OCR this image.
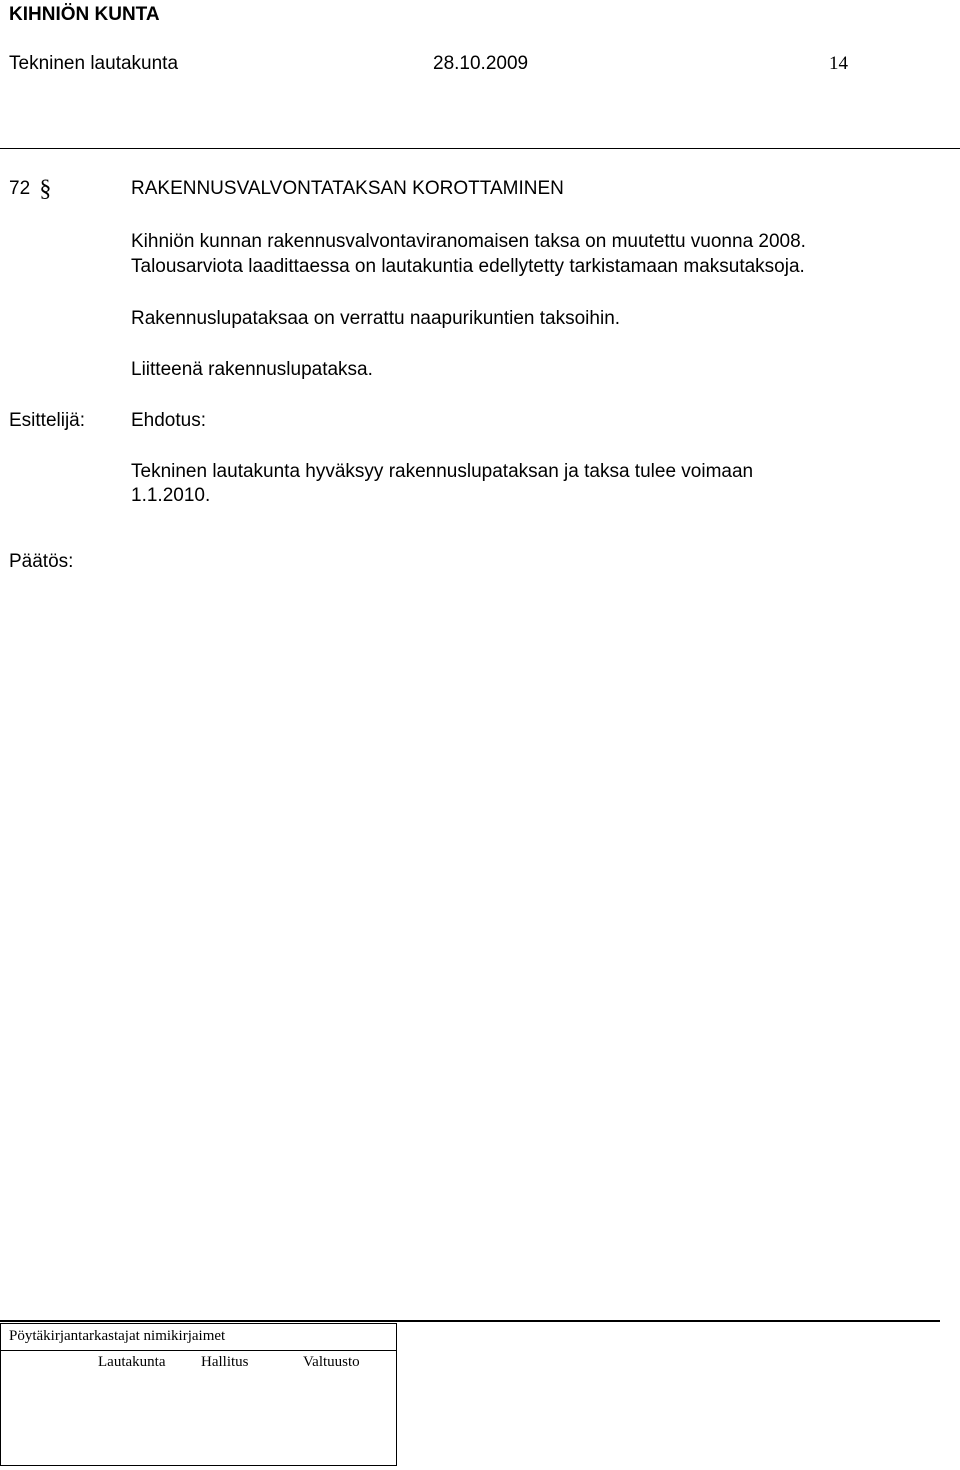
KIHNIÖN KUNTA
Tekninen lautakunta	28.10.2009	14
72 §	RAKENNUSVALVONTATAKSAN KOROTTAMINEN
Kihniön kunnan rakennusvalvontaviranomaisen taksa on muutettu vuonna 2008.
Talousarviota laadittaessa on lautakuntia edellytetty tarkistamaan maksutaksoja.
Rakennuslupataksaa on verrattu naapurikuntien taksoihin.
Liitteenä rakennuslupataksa.
Esittelijä: Ehdotus:
Tekninen lautakunta hyväksyy rakennuslupataksan ja taksa tulee voimaan
1.1.2010.
Päätös:
Pöytäkirjantarkastajat nimikirjaimet
Lautakunta Hallitus	Valtuusto
